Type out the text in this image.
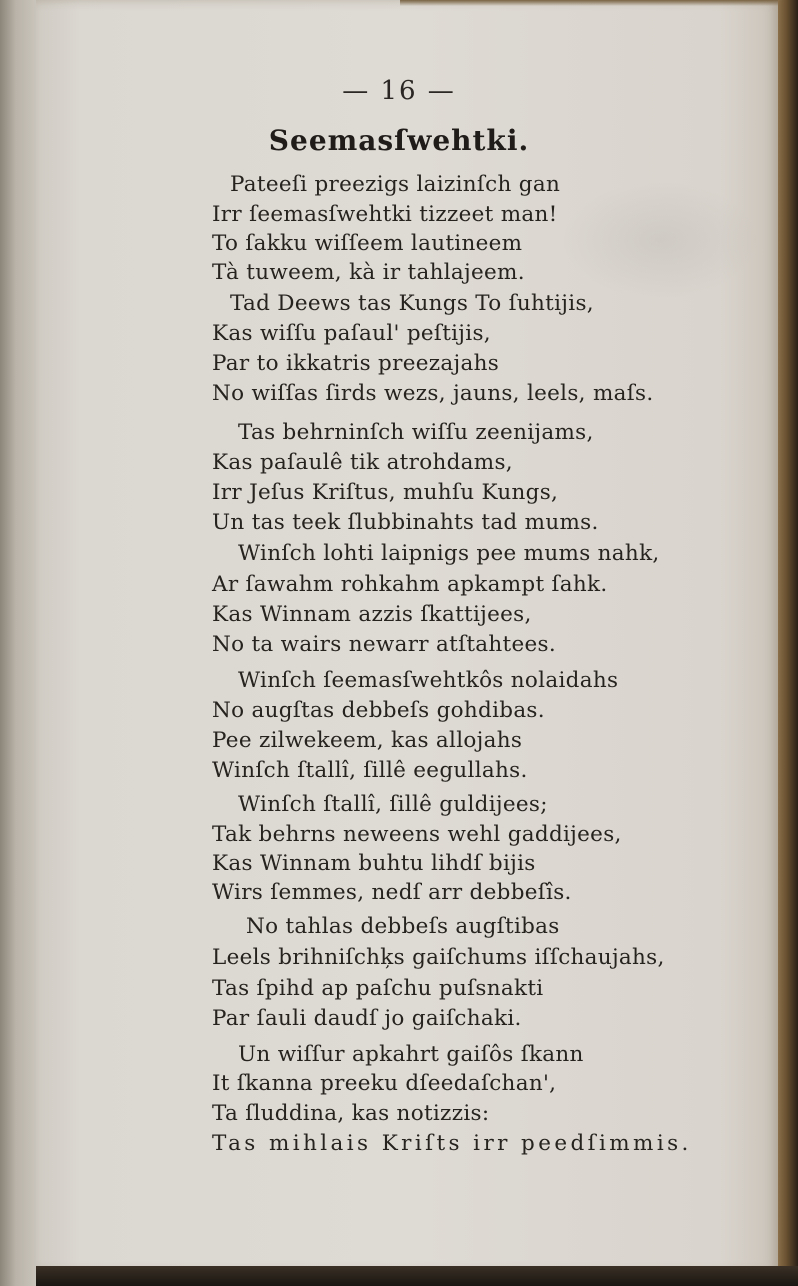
— 16 —
Seemasſwehtki.
Pateeſi preezigs laizinſch gan
Irr ſeemasſwehtki tizzeet man!
To ſakku wiſſeem lautineem
Tà tuweem, kà ir tahlajeem.
Tad Deews tas Kungs To ſuhtijis,
Kas wiſſu paſaul' peſtijis,
Par to ikkatris preezajahs
No wiſſas ſirds wezs, jauns, leels, maſs.
Tas behrninſch wiſſu zeenijams,
Kas paſaulê tik atrohdams,
Irr Jeſus Kriſtus, muhſu Kungs,
Un tas teek ſlubbinahts tad mums.
Winſch lohti laipnigs pee mums nahk,
Ar ſawahm rohkahm apkampt ſahk.
Kas Winnam azzis ſkattijees,
No ta wairs newarr atſtahtees.
Winſch ſeemasſwehtkôs nolaidahs
No augſtas debbeſs gohdibas.
Pee zilwekeem, kas allojahs
Winſch ſtallî, ſillê eegullahs.
Winſch ſtallî, ſillê guldijees;
Tak behrns neweens wehl gaddijees,
Kas Winnam buhtu lihdſ bijis
Wirs ſemmes, nedſ arr debbeſîs.
No tahlas debbeſs augſtibas
Leels brihniſchķs gaiſchums iſſchaujahs,
Tas ſpihd ap paſchu puſsnakti
Par ſauli daudſ jo gaiſchaki.
Un wiſſur apkahrt gaiſôs ſkann
It ſkanna preeku dſeedaſchan',
Ta ſluddina, kas notizzis:
Tas mihlais Kriſts irr peedſimmis.
